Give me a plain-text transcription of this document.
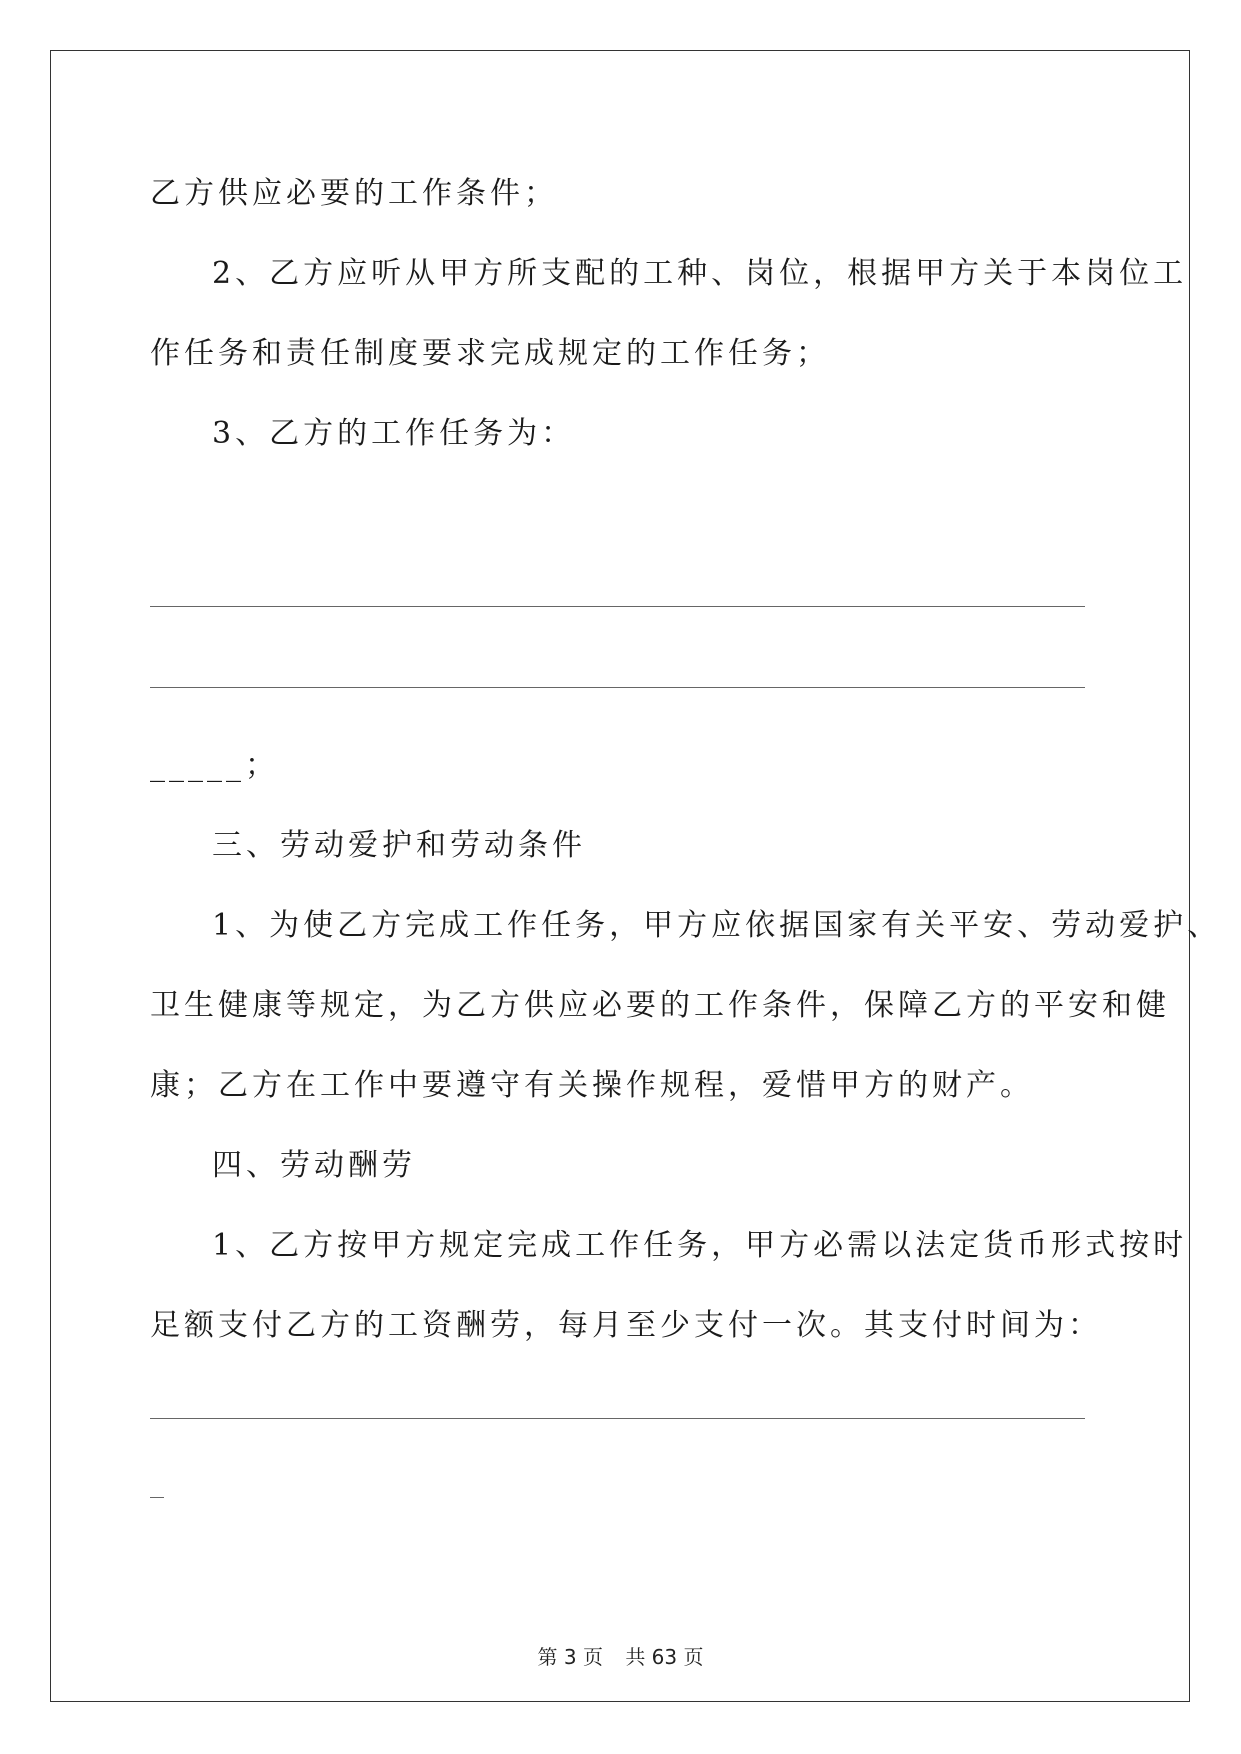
乙方供应必要的工作条件；
2、乙方应听从甲方所支配的工种、岗位，根据甲方关于本岗位工
作任务和责任制度要求完成规定的工作任务；
3、乙方的工作任务为：
_____；
三、劳动爱护和劳动条件
1、为使乙方完成工作任务，甲方应依据国家有关平安、劳动爱护、
卫生健康等规定，为乙方供应必要的工作条件，保障乙方的平安和健
康；乙方在工作中要遵守有关操作规程，爱惜甲方的财产。
四、劳动酬劳
1、乙方按甲方规定完成工作任务，甲方必需以法定货币形式按时
足额支付乙方的工资酬劳，每月至少支付一次。其支付时间为：
第 3 页 共 63 页
